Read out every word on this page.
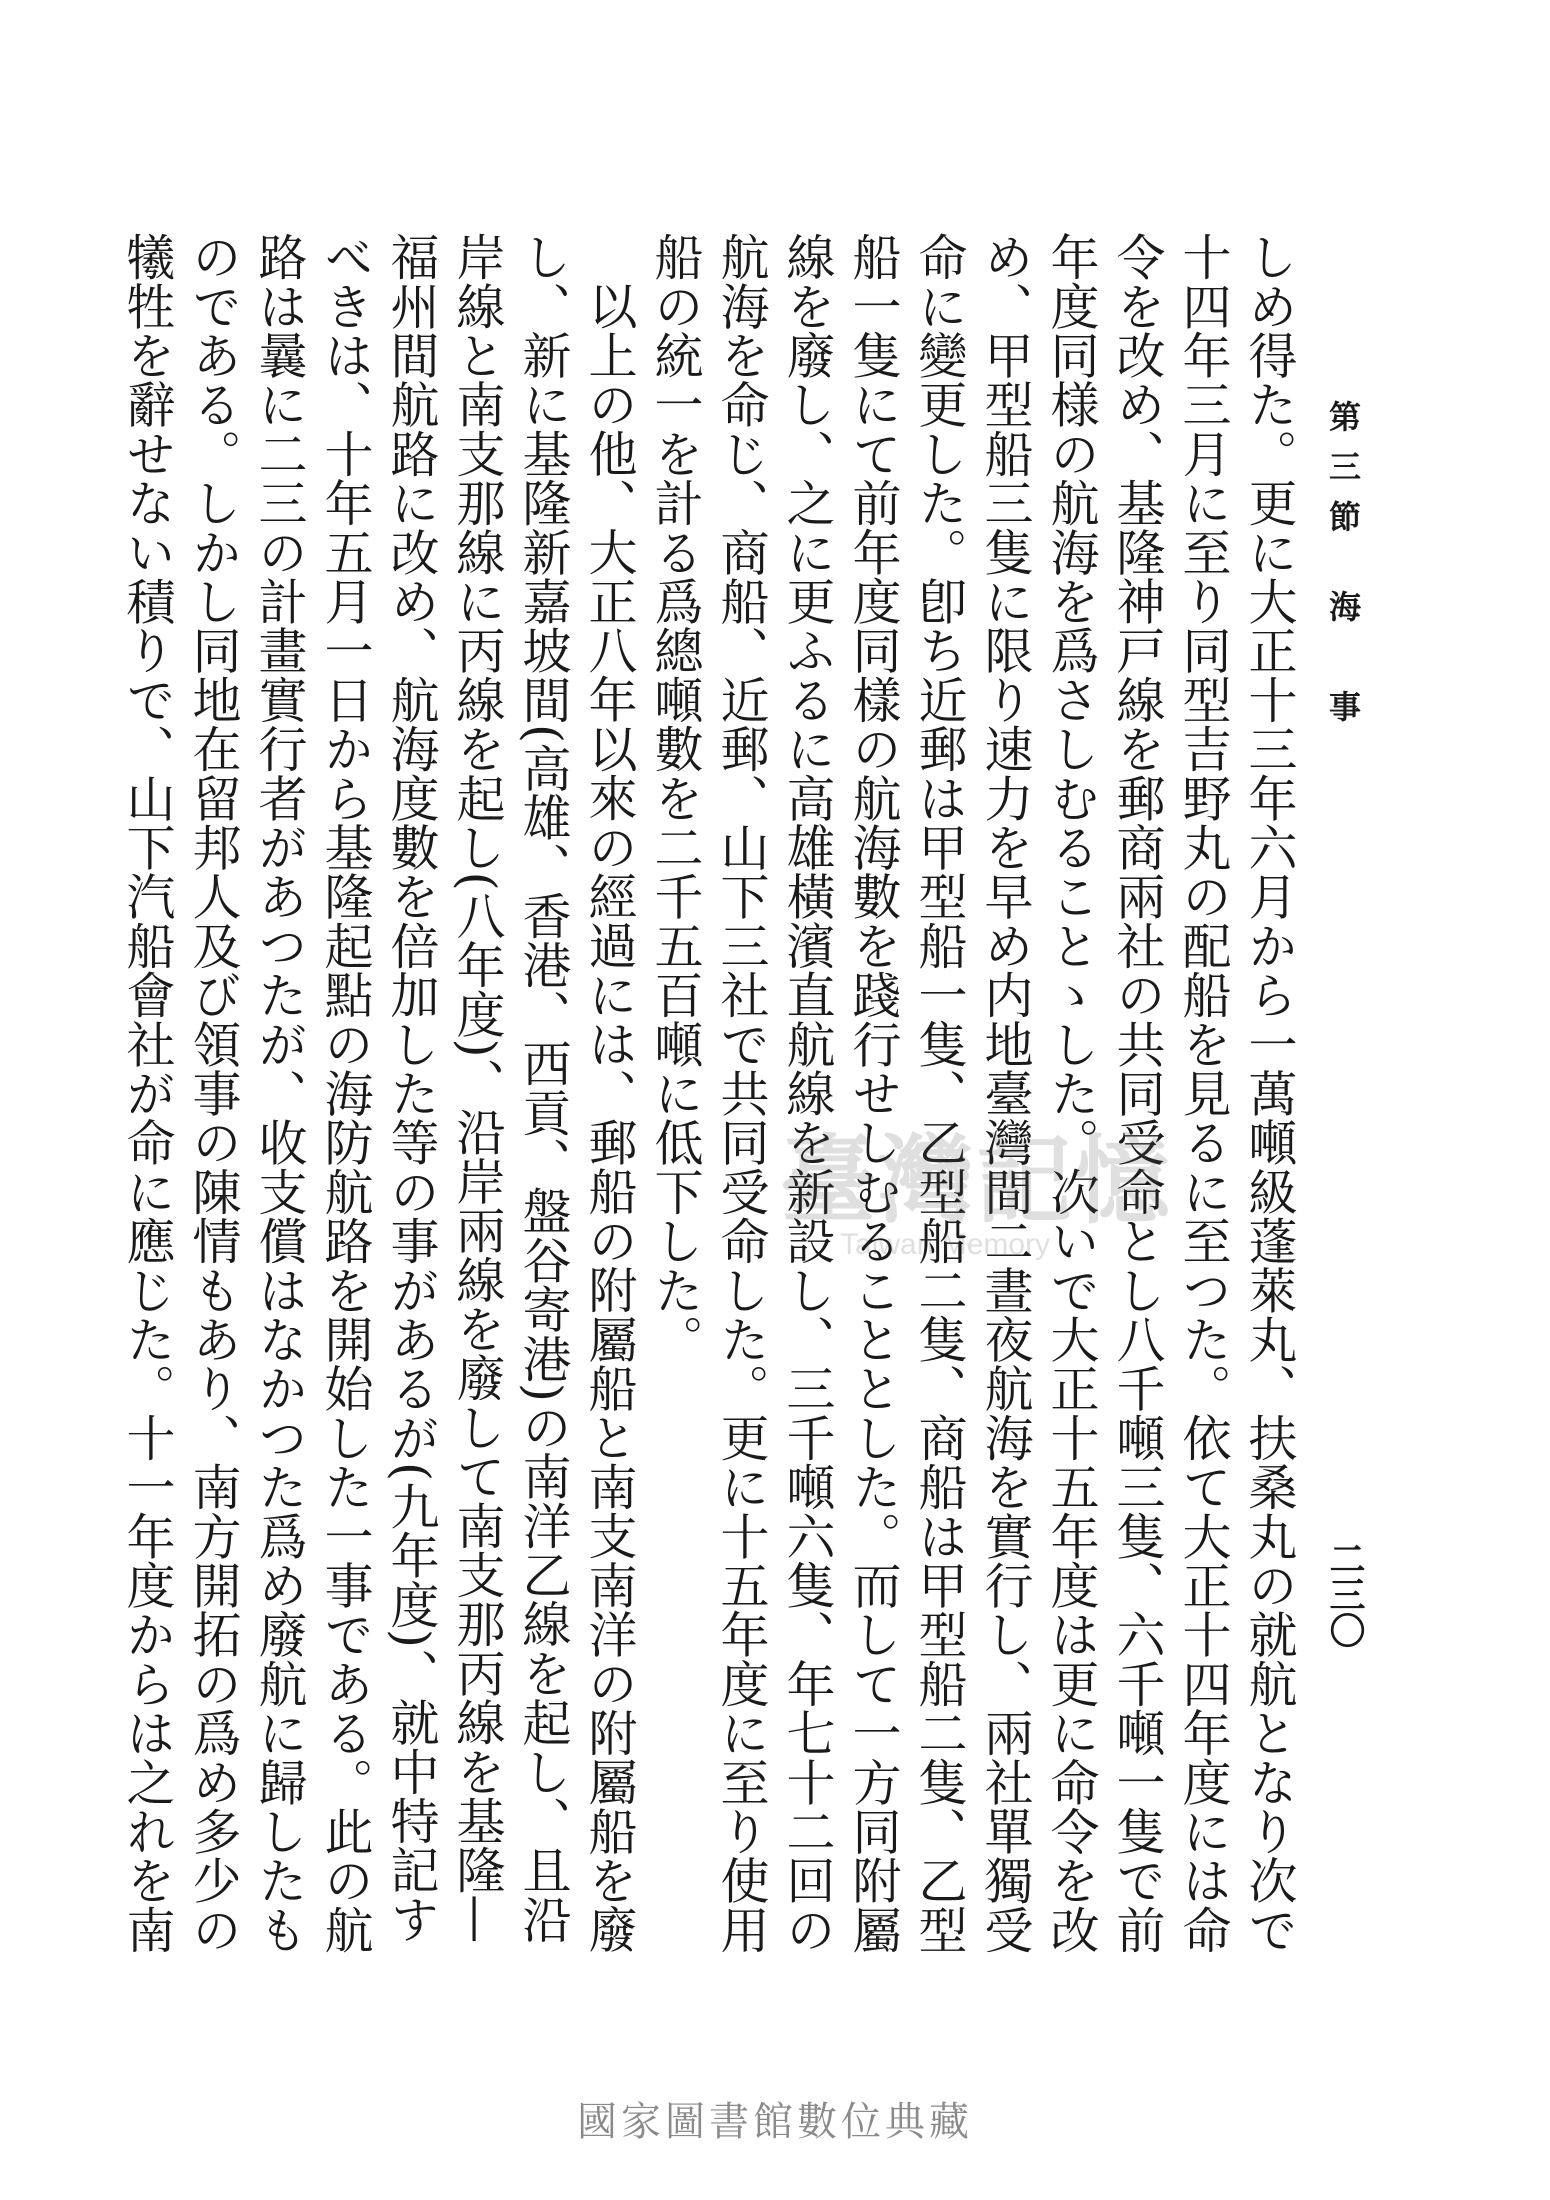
第三節海　事
二三〇

しめ得た。更に大正十三年六月から一萬噸級蓬萊丸、扶桑丸の就航となり次で十四年三月に至り同型吉野丸の配船を見るに至つた。依て大正十四年度には命令を改め、基隆神戸線を郵商兩社の共同受命とし八千噸三隻、六千噸一隻で前年度同様の航海を爲さしむることゝした。次いで大正十五年度は更に命令を改め、甲型船三隻に限り速力を早め内地臺灣間二晝夜航海を實行し、兩社單獨受命に變更した。卽ち近郵は甲型船一隻、乙型船二隻、商船は甲型船二隻、乙型船一隻にて前年度同樣の航海數を踐行せしむることとした。而して一方同附屬線を廢し、之に更ふるに高雄橫濱直航線を新設し、三千噸六隻、年七十二回の航海を命じ、商船、近郵、山下三社で共同受命した。更に十五年度に至り使用船の統一を計る爲總噸數を二千五百噸に低下した。

以上の他、大正八年以來の經過には、郵船の附屬船と南支南洋の附屬船を廢し、新に基隆新嘉坡間(高雄、香港、西貢、盤谷寄港)の南洋乙線を起し、且沿岸線と南支那線に丙線を起し(八年度)、沿岸兩線を廢して南支那丙線を基隆—福州間航路に改め、航海度數を倍加した等の事があるが(九年度)、就中特記すべきは、十年五月一日から基隆起點の海防航路を開始した一事である。此の航路は曩に二三の計畫實行者があつたが、收支償はなかつた爲め廢航に歸したものである。しかし同地在留邦人及び領事の陳情もあり、南方開拓の爲め多少の犧牲を辭せない積りで、山下汽船會社が命に應じた。十一年度からは之れを南	臺灣記憶
Taiwan Memory
國家圖書館數位典藏
